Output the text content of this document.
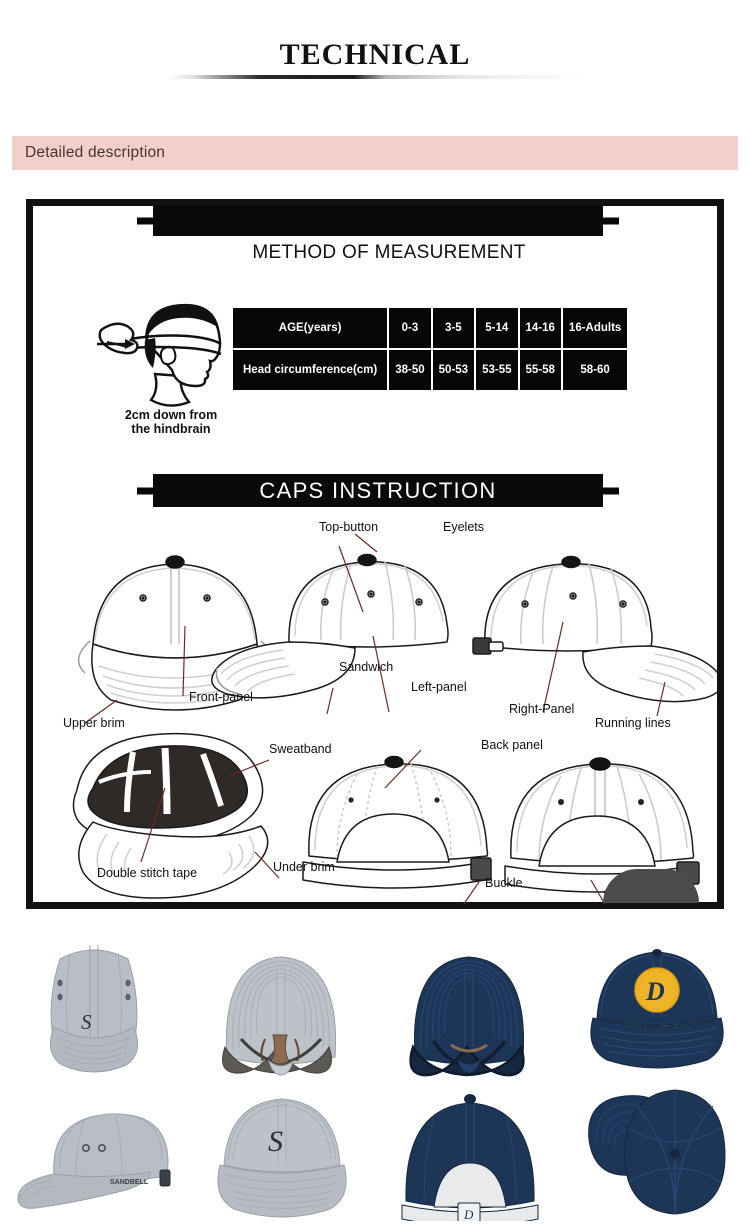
TECHNICAL
Detailed description
METHOD OF MEASUREMENT
2cm down from
the hindbrain
AGE(years)	0-3	3-5	5-14	14-16	16-Adults
Head circumference(cm)	38-50	50-53	53-55	55-58	58-60
CAPS INSTRUCTION
Upper brim
Front-panel
Top-button	Eyelets
Sandwich
Left-panel
Right-Panel
Running lines
Sweatband
Double stitch tape	Under brim
Back panel
Buckle
S
D
SANDBELL
S
D
